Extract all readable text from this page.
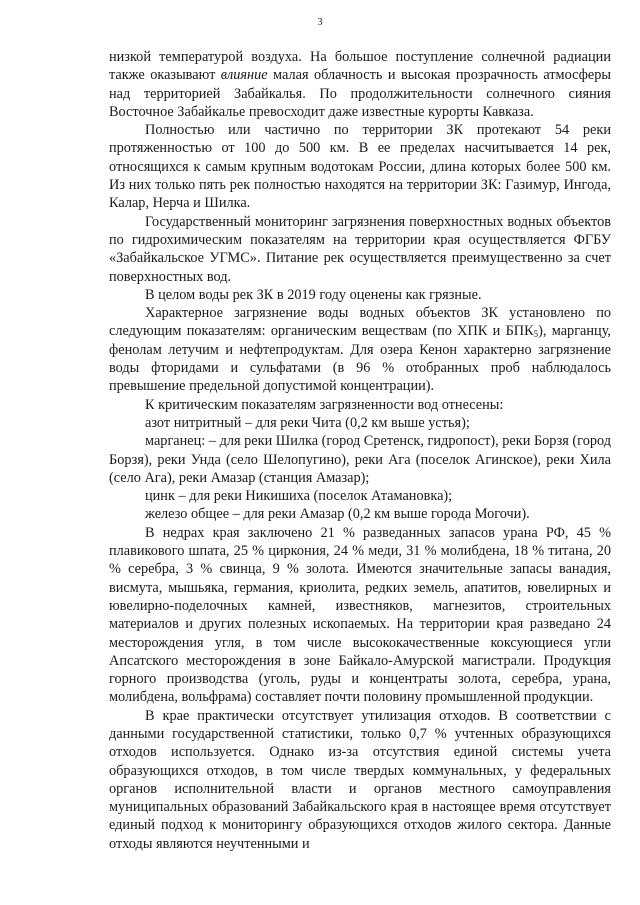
3

низкой температурой воздуха. На большое поступление солнечной радиации также оказывают влияние малая облачность и высокая прозрачность атмосферы над территорией Забайкалья. По продолжительности солнечного сияния Восточное Забайкалье превосходит даже известные курорты Кавказа.

Полностью или частично по территории ЗК протекают 54 реки протяженностью от 100 до 500 км. В ее пределах насчитывается 14 рек, относящихся к самым крупным водотокам России, длина которых более 500 км. Из них только пять рек полностью находятся на территории ЗК: Газимур, Ингода, Калар, Нерча и Шилка.

Государственный мониторинг загрязнения поверхностных водных объектов по гидрохимическим показателям на территории края осуществляется ФГБУ «Забайкальское УГМС». Питание рек осуществляется преимущественно за счет поверхностных вод.

В целом воды рек ЗК в 2019 году оценены как грязные.

Характерное загрязнение воды водных объектов ЗК установлено по следующим показателям: органическим веществам (по ХПК и $БПК_5$), марганцу, фенолам летучим и нефтепродуктам. Для озера Кенон характерно загрязнение воды фторидами и сульфатами (в 96 % отобранных проб наблюдалось превышение предельной допустимой концентрации).

К критическим показателям загрязненности вод отнесены:

азот нитритный – для реки Чита (0,2 км выше устья);

марганец: – для реки Шилка (город Сретенск, гидропост), реки Борзя (город Борзя), реки Унда (село Шелопугино), реки Ага (поселок Агинское), реки Хила (село Ага), реки Амазар (станция Амазар);

цинк – для реки Никишиха (поселок Атамановка);

железо общее – для реки Амазар (0,2 км выше города Могочи).

В недрах края заключено 21 % разведанных запасов урана РФ, 45 % плавикового шпата, 25 % циркония, 24 % меди, 31 % молибдена, 18 % титана, 20 % серебра, 3 % свинца, 9 % золота. Имеются значительные запасы ванадия, висмута, мышьяка, германия, криолита, редких земель, апатитов, ювелирных и ювелирно-поделочных камней, известняков, магнезитов, строительных материалов и других полезных ископаемых. На территории края разведано 24 месторождения угля, в том числе высококачественные коксующиеся угли Апсатского месторождения в зоне Байкало-Амурской магистрали. Продукция горного производства (уголь, руды и концентраты золота, серебра, урана, молибдена, вольфрама) составляет почти половину промышленной продукции.

В крае практически отсутствует утилизация отходов. В соответствии с данными государственной статистики, только 0,7 % учтенных образующихся отходов используется. Однако из-за отсутствия единой системы учета образующихся отходов, в том числе твердых коммунальных, у федеральных органов исполнительной власти и органов местного самоуправления муниципальных образований Забайкальского края в настоящее время отсутствует единый подход к мониторингу образующихся отходов жилого сектора. Данные отходы являются неучтенными и
